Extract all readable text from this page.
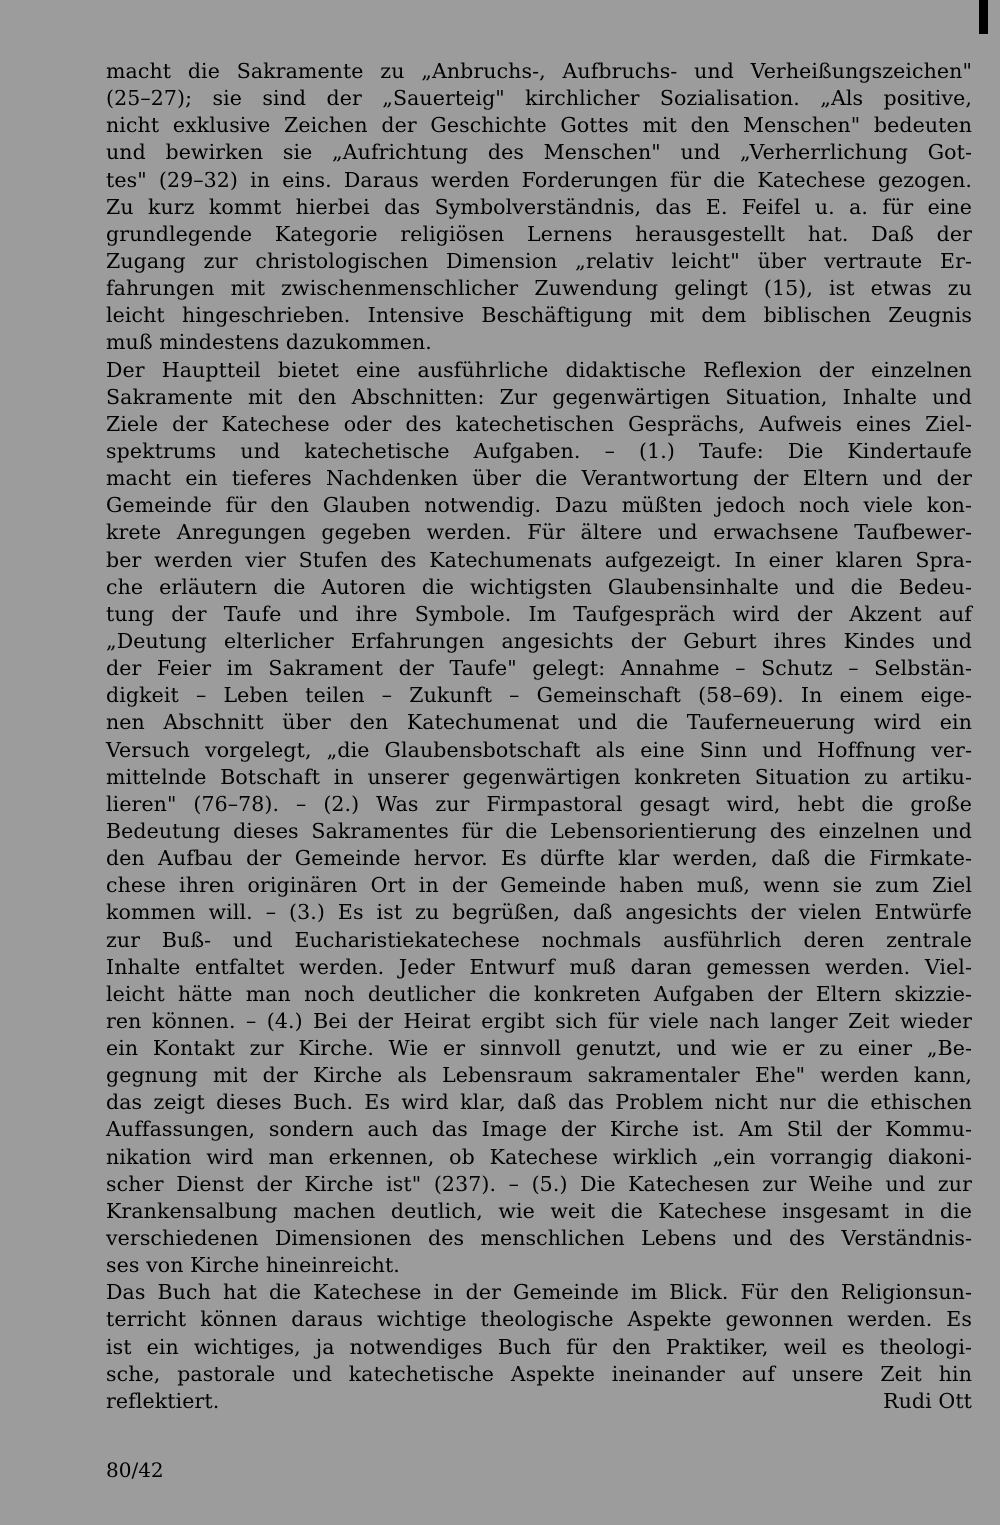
macht die Sakramente zu „Anbruchs-, Aufbruchs- und Verheißungszeichen"
(25–27); sie sind der „Sauerteig" kirchlicher Sozialisation. „Als positive,
nicht exklusive Zeichen der Geschichte Gottes mit den Menschen" bedeuten
und bewirken sie „Aufrichtung des Menschen" und „Verherrlichung Got-
tes" (29–32) in eins. Daraus werden Forderungen für die Katechese gezogen.
Zu kurz kommt hierbei das Symbolverständnis, das E. Feifel u. a. für eine
grundlegende Kategorie religiösen Lernens herausgestellt hat. Daß der
Zugang zur christologischen Dimension „relativ leicht" über vertraute Er-
fahrungen mit zwischenmenschlicher Zuwendung gelingt (15), ist etwas zu
leicht hingeschrieben. Intensive Beschäftigung mit dem biblischen Zeugnis
muß mindestens dazukommen.
Der Hauptteil bietet eine ausführliche didaktische Reflexion der einzelnen
Sakramente mit den Abschnitten: Zur gegenwärtigen Situation, Inhalte und
Ziele der Katechese oder des katechetischen Gesprächs, Aufweis eines Ziel-
spektrums und katechetische Aufgaben. – (1.) Taufe: Die Kindertaufe
macht ein tieferes Nachdenken über die Verantwortung der Eltern und der
Gemeinde für den Glauben notwendig. Dazu müßten jedoch noch viele kon-
krete Anregungen gegeben werden. Für ältere und erwachsene Taufbewer-
ber werden vier Stufen des Katechumenats aufgezeigt. In einer klaren Spra-
che erläutern die Autoren die wichtigsten Glaubensinhalte und die Bedeu-
tung der Taufe und ihre Symbole. Im Taufgespräch wird der Akzent auf
„Deutung elterlicher Erfahrungen angesichts der Geburt ihres Kindes und
der Feier im Sakrament der Taufe" gelegt: Annahme – Schutz – Selbstän-
digkeit – Leben teilen – Zukunft – Gemeinschaft (58–69). In einem eige-
nen Abschnitt über den Katechumenat und die Tauferneuerung wird ein
Versuch vorgelegt, „die Glaubensbotschaft als eine Sinn und Hoffnung ver-
mittelnde Botschaft in unserer gegenwärtigen konkreten Situation zu artiku-
lieren" (76–78). – (2.) Was zur Firmpastoral gesagt wird, hebt die große
Bedeutung dieses Sakramentes für die Lebensorientierung des einzelnen und
den Aufbau der Gemeinde hervor. Es dürfte klar werden, daß die Firmkate-
chese ihren originären Ort in der Gemeinde haben muß, wenn sie zum Ziel
kommen will. – (3.) Es ist zu begrüßen, daß angesichts der vielen Entwürfe
zur Buß- und Eucharistiekatechese nochmals ausführlich deren zentrale
Inhalte entfaltet werden. Jeder Entwurf muß daran gemessen werden. Viel-
leicht hätte man noch deutlicher die konkreten Aufgaben der Eltern skizzie-
ren können. – (4.) Bei der Heirat ergibt sich für viele nach langer Zeit wieder
ein Kontakt zur Kirche. Wie er sinnvoll genutzt, und wie er zu einer „Be-
gegnung mit der Kirche als Lebensraum sakramentaler Ehe" werden kann,
das zeigt dieses Buch. Es wird klar, daß das Problem nicht nur die ethischen
Auffassungen, sondern auch das Image der Kirche ist. Am Stil der Kommu-
nikation wird man erkennen, ob Katechese wirklich „ein vorrangig diakoni-
scher Dienst der Kirche ist" (237). – (5.) Die Katechesen zur Weihe und zur
Krankensalbung machen deutlich, wie weit die Katechese insgesamt in die
verschiedenen Dimensionen des menschlichen Lebens und des Verständnis-
ses von Kirche hineinreicht.
Das Buch hat die Katechese in der Gemeinde im Blick. Für den Religionsun-
terricht können daraus wichtige theologische Aspekte gewonnen werden. Es
ist ein wichtiges, ja notwendiges Buch für den Praktiker, weil es theologi-
sche, pastorale und katechetische Aspekte ineinander auf unsere Zeit hin
reflektiert.	Rudi Ott
80/42
